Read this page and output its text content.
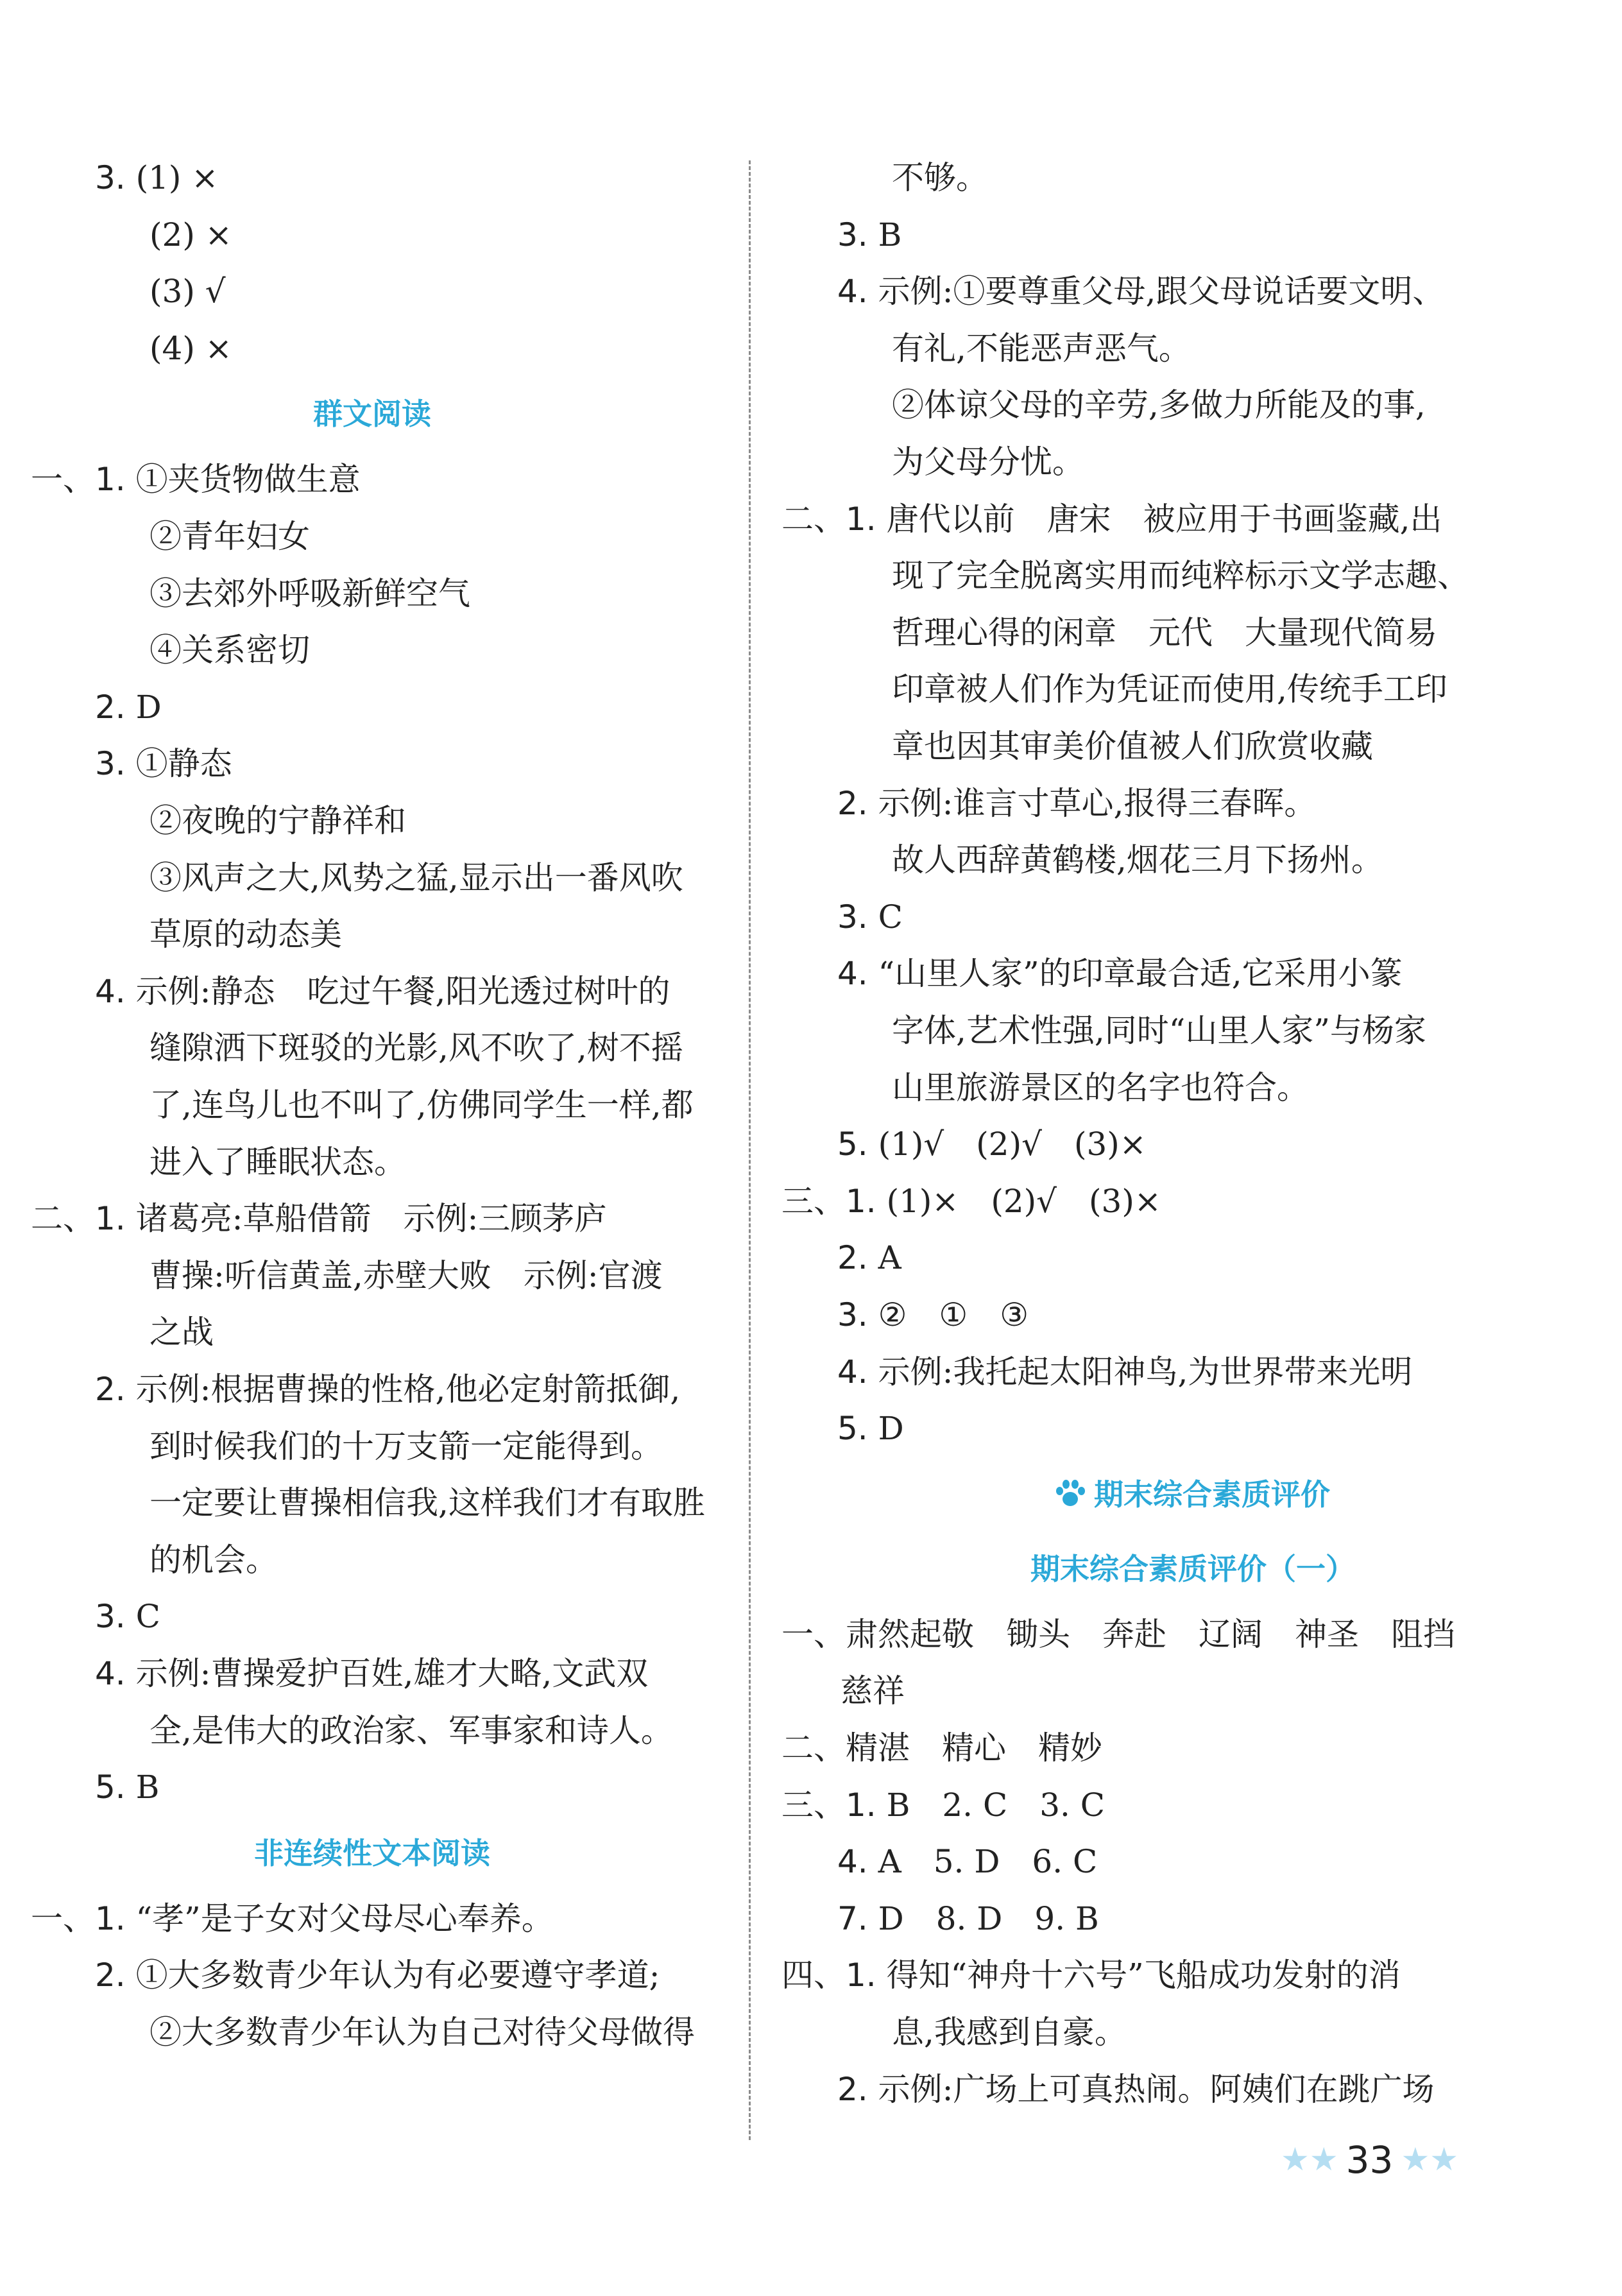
3. (1) ×
(2) ×
(3) √
(4) ×
群文阅读
一、1. ①夹货物做生意
②青年妇女
③去郊外呼吸新鲜空气
④关系密切
2. D
3. ①静态
②夜晚的宁静祥和
③风声之大,风势之猛,显示出一番风吹
草原的动态美
4. 示例:静态　吃过午餐,阳光透过树叶的
缝隙洒下斑驳的光影,风不吹了,树不摇
了,连鸟儿也不叫了,仿佛同学生一样,都
进入了睡眠状态。
二、1. 诸葛亮:草船借箭　示例:三顾茅庐
曹操:听信黄盖,赤壁大败　示例:官渡
之战
2. 示例:根据曹操的性格,他必定射箭抵御,
到时候我们的十万支箭一定能得到。
一定要让曹操相信我,这样我们才有取胜
的机会。
3. C
4. 示例:曹操爱护百姓,雄才大略,文武双
全,是伟大的政治家、军事家和诗人。
5. B
非连续性文本阅读
一、1. “孝”是子女对父母尽心奉养。
2. ①大多数青少年认为有必要遵守孝道;
②大多数青少年认为自己对待父母做得
不够。
3. B
4. 示例:①要尊重父母,跟父母说话要文明、
有礼,不能恶声恶气。
②体谅父母的辛劳,多做力所能及的事,
为父母分忧。
二、1. 唐代以前　唐宋　被应用于书画鉴藏,出
现了完全脱离实用而纯粹标示文学志趣、
哲理心得的闲章　元代　大量现代简易
印章被人们作为凭证而使用,传统手工印
章也因其审美价值被人们欣赏收藏
2. 示例:谁言寸草心,报得三春晖。
故人西辞黄鹤楼,烟花三月下扬州。
3. C
4. “山里人家”的印章最合适,它采用小篆
字体,艺术性强,同时“山里人家”与杨家
山里旅游景区的名字也符合。
5. (1)√　(2)√　(3)×
三、1. (1)×　(2)√　(3)×
2. A
3. ②　①　③
4. 示例:我托起太阳神鸟,为世界带来光明
5. D
期末综合素质评价
期末综合素质评价（一）
一、肃然起敬　锄头　奔赴　辽阔　神圣　阻挡
慈祥
二、精湛　精心　精妙
三、1. B　2. C　3. C
4. A　5. D　6. C
7. D　8. D　9. B
四、1. 得知“神舟十六号”飞船成功发射的消
息,我感到自豪。
2. 示例:广场上可真热闹。阿姨们在跳广场
★★ 33 ★★
